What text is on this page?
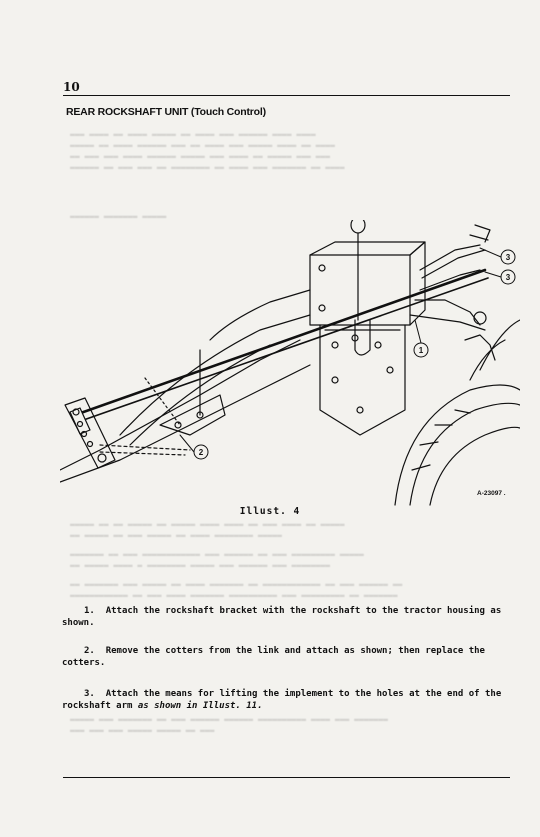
10
REAR ROCKSHAFT UNIT (Touch Control)
▬▬▬ ▬▬▬▬ ▬▬ ▬▬▬▬ ▬▬▬▬▬ ▬▬ ▬▬▬▬ ▬▬▬ ▬▬▬▬▬▬ ▬▬▬▬ ▬▬▬▬
▬▬▬▬▬ ▬▬ ▬▬▬▬ ▬▬▬▬▬▬ ▬▬▬ ▬▬ ▬▬▬▬ ▬▬▬ ▬▬▬▬▬ ▬▬▬▬ ▬▬ ▬▬▬▬
▬▬ ▬▬▬ ▬▬▬ ▬▬▬▬ ▬▬▬▬▬▬ ▬▬▬▬▬ ▬▬▬ ▬▬▬▬ ▬▬ ▬▬▬▬▬ ▬▬▬ ▬▬▬
▬▬▬▬▬▬ ▬▬ ▬▬▬ ▬▬▬ ▬▬ ▬▬▬▬▬▬▬▬ ▬▬ ▬▬▬▬ ▬▬▬ ▬▬▬▬▬▬▬ ▬▬ ▬▬▬▬
▬▬▬▬▬▬ ▬▬▬▬▬▬▬ ▬▬▬▬▬
▬▬▬▬▬ ▬▬ ▬▬ ▬▬▬▬▬ ▬▬ ▬▬▬▬▬ ▬▬▬▬ ▬▬▬▬ ▬▬ ▬▬▬ ▬▬▬▬ ▬▬ ▬▬▬▬▬
▬▬ ▬▬▬▬▬ ▬▬ ▬▬▬ ▬▬▬▬▬ ▬▬ ▬▬▬▬ ▬▬▬▬▬▬▬▬ ▬▬▬▬▬
▬▬▬▬▬▬▬ ▬▬ ▬▬▬ ▬▬▬▬▬▬▬▬▬▬▬▬ ▬▬▬ ▬▬▬▬▬▬ ▬▬ ▬▬▬ ▬▬▬▬▬▬▬▬▬ ▬▬▬▬▬
▬▬ ▬▬▬▬▬ ▬▬▬▬ ▬ ▬▬▬▬▬▬▬▬ ▬▬▬▬▬ ▬▬▬ ▬▬▬▬▬▬ ▬▬▬ ▬▬▬▬▬▬▬▬
▬▬ ▬▬▬▬▬▬▬ ▬▬▬ ▬▬▬▬▬ ▬▬ ▬▬▬▬ ▬▬▬▬▬▬▬ ▬▬ ▬▬▬▬▬▬▬▬▬▬▬▬ ▬▬ ▬▬▬ ▬▬▬▬▬▬ ▬▬
▬▬▬▬▬▬▬▬▬▬▬▬ ▬▬ ▬▬▬ ▬▬▬▬ ▬▬▬▬▬▬▬ ▬▬▬▬▬▬▬▬▬▬ ▬▬▬ ▬▬▬▬▬▬▬▬▬ ▬▬ ▬▬▬▬▬▬▬
▬▬▬▬▬ ▬▬▬ ▬▬▬▬▬▬▬ ▬▬ ▬▬▬ ▬▬▬▬▬▬ ▬▬▬▬▬▬ ▬▬▬▬▬▬▬▬▬▬ ▬▬▬▬ ▬▬▬ ▬▬▬▬▬▬▬
▬▬▬ ▬▬▬ ▬▬▬ ▬▬▬▬▬ ▬▬▬▬▬ ▬▬ ▬▬▬
1
2
3
3
A-23097 .
Illust. 4

1. Attach the rockshaft bracket with the rockshaft to the tractor housing as shown.

2. Remove the cotters from the link and attach as shown; then replace the cotters.

3. Attach the means for lifting the implement to the holes at the end of the rockshaft arm as shown in Illust. 11.
